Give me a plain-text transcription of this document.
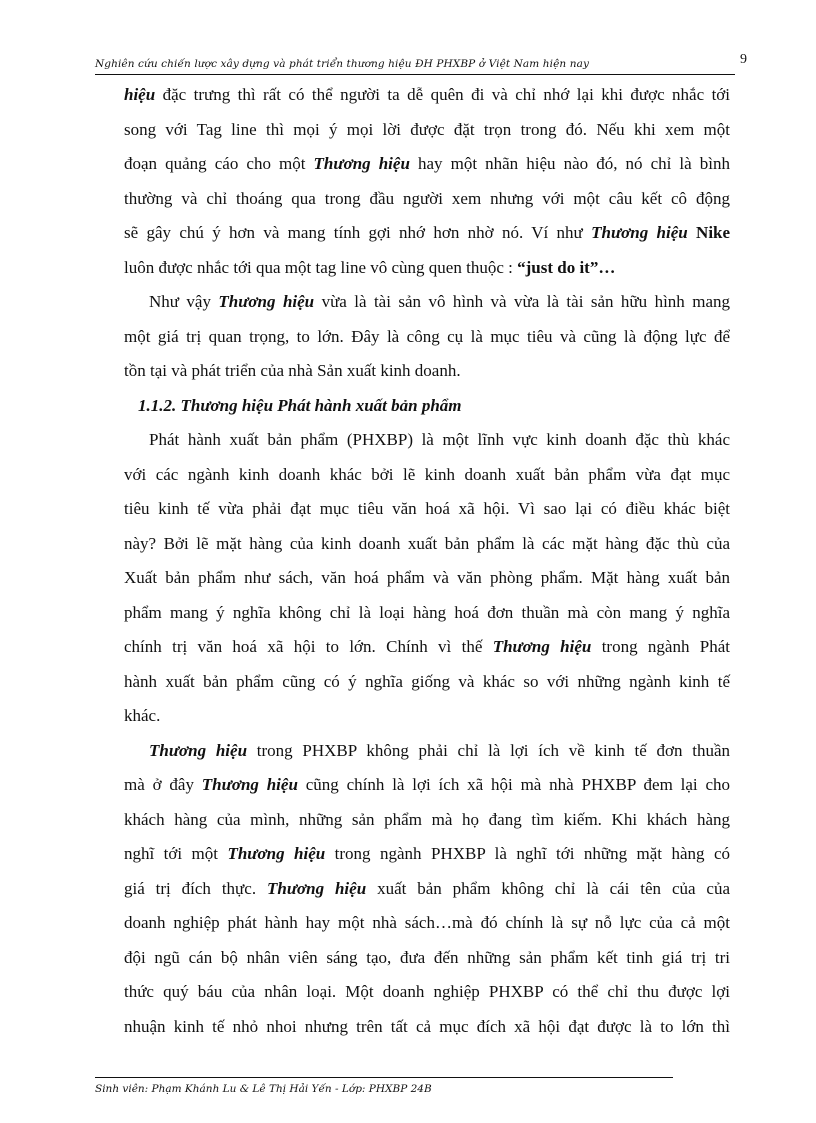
Nghiên cứu chiến lược xây dựng và phát triển thương hiệu ĐH PHXBP ở Việt Nam hiện nay	9
hiệu đặc trưng thì rất có thể người ta dễ quên đi và chỉ nhớ lại khi được nhắc tới
song với Tag line thì mọi ý mọi lời được đặt trọn trong đó. Nếu khi xem một
đoạn quảng cáo cho một Thương hiệu hay một nhãn hiệu nào đó, nó chỉ là bình
thường và chỉ thoáng qua trong đầu người xem nhưng với một câu kết cô động
sẽ gây chú ý hơn và mang tính gợi nhớ hơn nhờ nó. Ví như Thương hiệu Nike
luôn được nhắc tới qua một tag line vô cùng quen thuộc : “just do it”…
Như vậy Thương hiệu vừa là tài sản vô hình và vừa là tài sản hữu hình mang
một giá trị quan trọng, to lớn. Đây là công cụ là mục tiêu và cũng là động lực để
tồn tại và phát triển của nhà Sản xuất kinh doanh.
1.1.2. Thương hiệu Phát hành xuất bản phẩm
Phát hành xuất bản phẩm (PHXBP) là một lĩnh vực kinh doanh đặc thù khác
với các ngành kinh doanh khác bởi lẽ kinh doanh xuất bản phẩm vừa đạt mục
tiêu kinh tế vừa phải đạt mục tiêu văn hoá xã hội. Vì sao lại có điều khác biệt
này? Bởi lẽ mặt hàng của kinh doanh xuất bản phẩm là các mặt hàng đặc thù của
Xuất bản phẩm như sách, văn hoá phẩm và văn phòng phẩm. Mặt hàng xuất bản
phẩm mang ý nghĩa không chỉ là loại hàng hoá đơn thuần mà còn mang ý nghĩa
chính trị văn hoá xã hội to lớn. Chính vì thế Thương hiệu trong ngành Phát
hành xuất bản phẩm cũng có ý nghĩa giống và khác so với những ngành kinh tế
khác.
Thương hiệu trong PHXBP không phải chỉ là lợi ích về kinh tế đơn thuần
mà ở đây Thương hiệu cũng chính là lợi ích xã hội mà nhà PHXBP đem lại cho
khách hàng của mình, những sản phẩm mà họ đang tìm kiếm. Khi khách hàng
nghĩ tới một Thương hiệu trong ngành PHXBP là nghĩ tới những mặt hàng có
giá trị đích thực. Thương hiệu xuất bản phẩm không chỉ là cái tên của của
doanh nghiệp phát hành hay một nhà sách…mà đó chính là sự nỗ lực của cả một
đội ngũ cán bộ nhân viên sáng tạo, đưa đến những sản phẩm kết tinh giá trị tri
thức quý báu của nhân loại. Một doanh nghiệp PHXBP có thể chỉ thu được lợi
nhuận kinh tế nhỏ nhoi nhưng trên tất cả mục đích xã hội đạt được là to lớn thì
Sinh viên: Phạm Khánh Lu & Lê Thị Hải Yến - Lớp: PHXBP 24B
